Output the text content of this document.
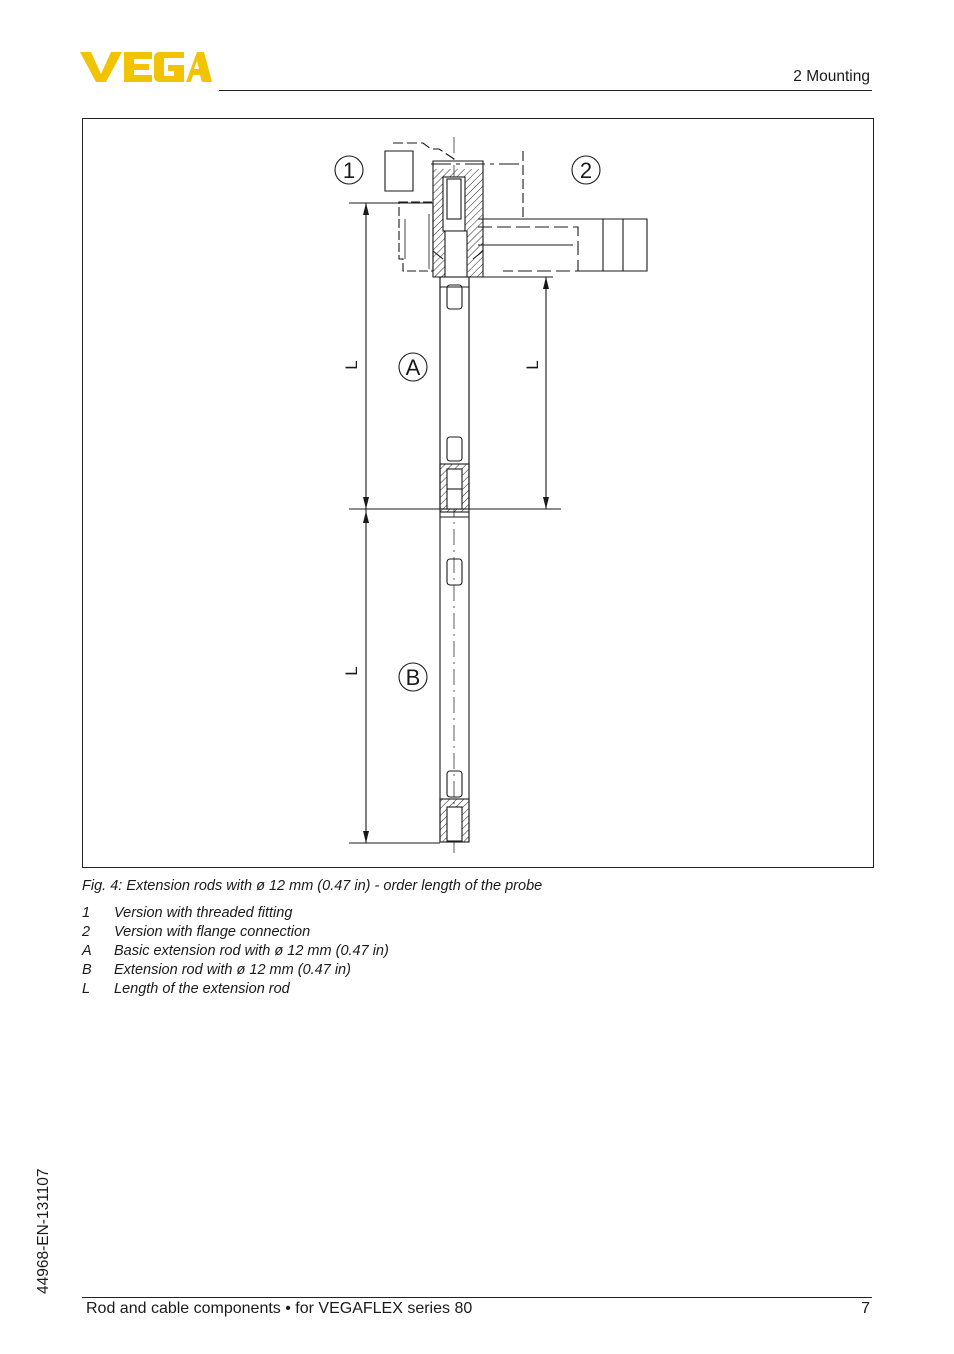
2 Mounting
1	2
A
B
L	L
L
Fig. 4: Extension rods with ø 12 mm (0.47 in) - order length of the probe
1	Version with threaded fitting
2	Version with flange connection
A	Basic extension rod with ø 12 mm (0.47 in)
B	Extension rod with ø 12 mm (0.47 in)
L	Length of the extension rod
44968-EN-131107
Rod and cable components • for VEGAFLEX series 80	7
